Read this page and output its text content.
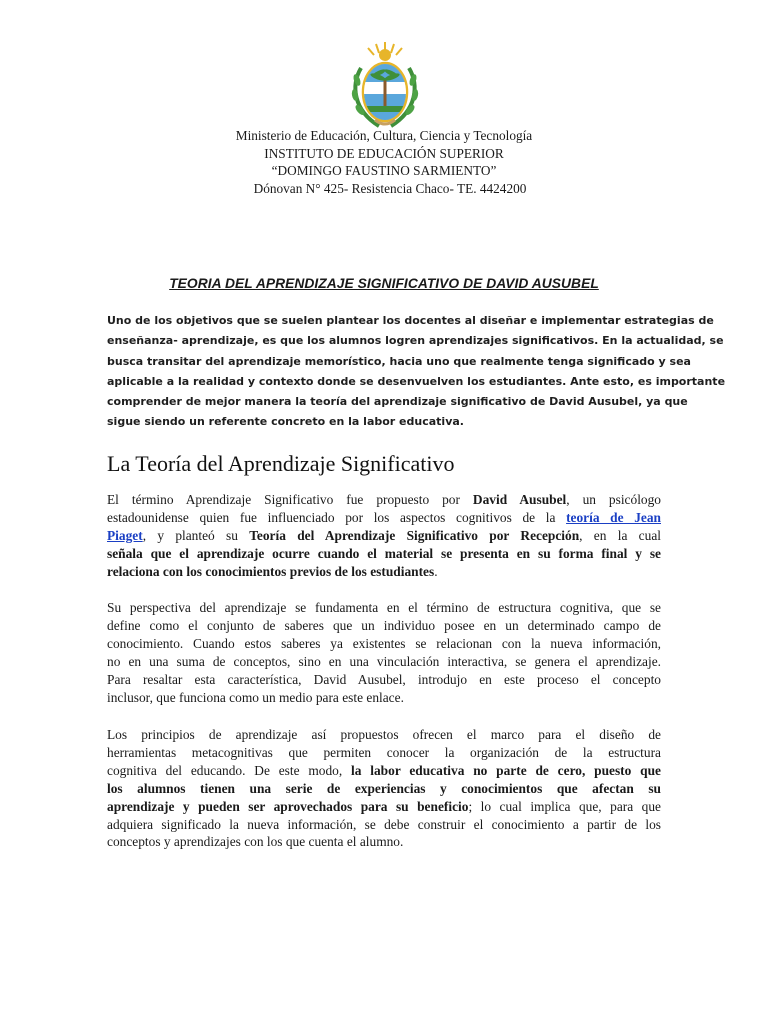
Ministerio de Educación, Cultura, Ciencia y Tecnología
INSTITUTO DE EDUCACIÓN SUPERIOR
“DOMINGO FAUSTINO SARMIENTO”
Dónovan N° 425- Resistencia Chaco- TE. 4424200
TEORIA DEL APRENDIZAJE SIGNIFICATIVO DE DAVID AUSUBEL
Uno de los objetivos que se suelen plantear los docentes al diseñar e implementar estrategias de
enseñanza- aprendizaje, es que los alumnos logren aprendizajes significativos. En la actualidad, se
busca transitar del aprendizaje memorístico, hacia uno que realmente tenga significado y sea
aplicable a la realidad y contexto donde se desenvuelven los estudiantes. Ante esto, es importante
comprender de mejor manera la teoría del aprendizaje significativo de David Ausubel, ya que
sigue siendo un referente concreto en la labor educativa.
La Teoría del Aprendizaje Significativo
El término Aprendizaje Significativo fue propuesto por David Ausubel, un psicólogo
estadounidense quien fue influenciado por los aspectos cognitivos de la teoría de Jean
Piaget, y planteó su Teoría del Aprendizaje Significativo por Recepción, en la cual
señala que el aprendizaje ocurre cuando el material se presenta en su forma final y se
relaciona con los conocimientos previos de los estudiantes.
Su perspectiva del aprendizaje se fundamenta en el término de estructura cognitiva, que se
define como el conjunto de saberes que un individuo posee en un determinado campo de
conocimiento. Cuando estos saberes ya existentes se relacionan con la nueva información,
no en una suma de conceptos, sino en una vinculación interactiva, se genera el aprendizaje.
Para resaltar esta característica, David Ausubel, introdujo en este proceso el concepto
inclusor, que funciona como un medio para este enlace.
Los principios de aprendizaje así propuestos ofrecen el marco para el diseño de
herramientas metacognitivas que permiten conocer la organización de la estructura
cognitiva del educando. De este modo, la labor educativa no parte de cero, puesto que
los alumnos tienen una serie de experiencias y conocimientos que afectan su
aprendizaje y pueden ser aprovechados para su beneficio; lo cual implica que, para que
adquiera significado la nueva información, se debe construir el conocimiento a partir de los
conceptos y aprendizajes con los que cuenta el alumno.
